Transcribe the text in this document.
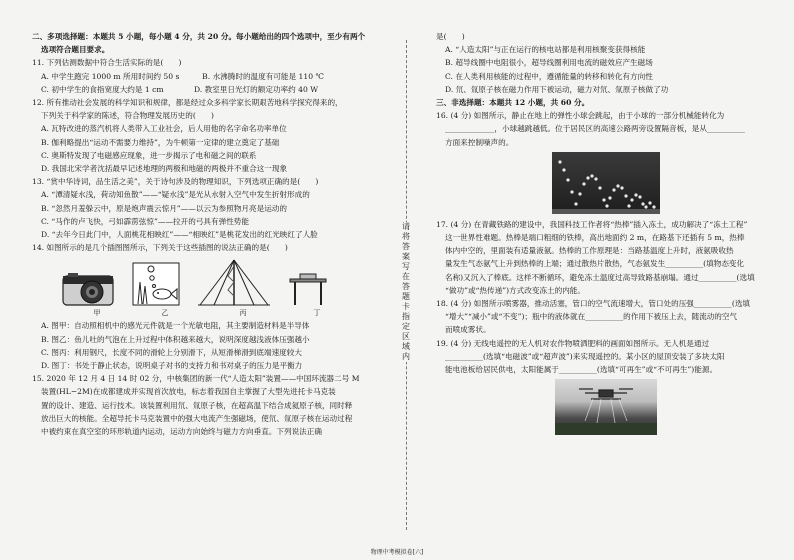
二、多项选择题：本题共 5 小题，每小题 4 分，共 20 分。每小题给出的四个选项中，至少有两个
选项符合题目要求。
11. 下列估测数据中符合生活实际的是(　　)
A. 中学生跑完 1000 m 所用时间约 50 s　　　B. 水沸腾时的温度有可能是 110 ℃
C. 初中学生的食指宽度大约是 1 cm　　　　D. 教室里日光灯的额定功率约 40 W
12. 所有推动社会发展的科学知识和规律，都是经过众多科学家长期艰苦地科学探究得来的，
下列关于科学家的陈述，符合物理发展历史的(　　)
A. 瓦特改进的蒸汽机将人类带入工业社会，后人用他的名字命名功率单位
B. 伽利略提出“运动不需要力维持”，为牛顿第一定律的建立奠定了基础
C. 奥斯特发现了电磁感应现象，进一步揭示了电和磁之间的联系
D. 我国北宋学者沈括最早记述地理的两极和地磁的两极并不重合这一现象
13. “赏中华诗词，品生活之美”，关于诗句涉及的物理知识，下列选项正确的是(　　)
A. “潭清疑水浅，荷动知鱼散”——“疑水浅”是光从水射入空气中发生折射形成的
B. “忽然月羞躲云中，原是炮声震云惊月”——以云为参照物月亮是运动的
C. “马作的卢飞快，弓如霹雳弦惊”——拉开的弓具有弹性势能
D. “去年今日此门中，人面桃花相映红”——“相映红”是桃花发出的红光映红了人脸
14. 如图所示的是几个插图图所示，下列关于这些插图的说法正确的是(　　)
甲	乙	丙	丁
A. 图甲：自动照相机中的感光元件就是一个光敏电阻，其主要制造材料是半导体
B. 图乙：鱼儿吐的气泡在上升过程中体积越来越大，说明深度越浅液体压强越小
C. 图丙：利用钢尺，长度不同的滑轮上分别滑下，从短滑梯滑到底端速度较大
D. 图丁：书处于静止状态，说明桌子对书的支持力和书对桌子的压力是平衡力
15. 2020 年 12 月 4 日 14 时 02 分，中核集团的新一代“人造太阳”装置——中国环流器二号 M
装置(HL−2M)在成都建成并实现首次放电，标志着我国自主掌握了大型先进托卡马克装
置的设计、建造、运行技术。该装置利用氘、氚原子核，在超高温下结合成氦原子核，同时释
放出巨大的核能。全超导托卡马克装置中的强大电流产生强磁场，使氘、氚原子核在运动过程
中被约束在真空室的环形轨道内运动，运动方向始终与磁力方向垂直。下列说法正确
请将答案写在答题卡指定区域内
是(　　)
A. “人造太阳”与正在运行的核电站都是利用核聚变获得核能
B. 超导线圈中电阻很小，超导线圈利用电流的磁效应产生磁场
C. 在人类利用核能的过程中，遵循能量的转移和转化有方向性
D. 氘、氚原子核在磁力作用下被运动，磁力对氘、氚原子核做了功
三、非选择题：本题共 12 小题，共 60 分。
16. (4 分) 如图所示，静止在地上的弹性小球会跳起，由于小球的一部分机械能转化为
_____________，小球越跳越低。位于居民区的高速公路两旁设置隔音板，是从__________
方面来控制噪声的。
17. (4 分) 在青藏铁路的建设中，我国科技工作者将“热棒”插入冻土，成功解决了“冻土工程”
这一世界性难题。热棒是端口粗细的铁棒，高出地面约 2 m，在路基下还插有 5 m，热棒
体内中空的，里面装有适量液氨。热棒的工作原理是：当路基温度上升时，液氨吸收热
量发生气态氨气上升到热棒的上端；通过散热片散热，气态氨发生__________(填物态变化
名称)又沉入了棒底。这样不断循环，避免冻土温度过高导致路基崩塌。通过__________(选填
“做功”或“热传递”)方式改变冻土的内能。
18. (4 分) 如图所示喷雾器，推动活塞，管口的空气流速增大，管口处的压强__________(选填
“增大”“减小”或“不变”)；瓶中的液体就在__________的作用下被压上去，随流动的空气
而喷成雾状。
19. (4 分) 无线电遥控的无人机对农作物喷洒肥料的画面如图所示。无人机是通过
__________(选填“电磁波”或“超声波”)来实现遥控的。某小区的屋顶安装了多块太阳
能电池板给居民供电，太阳能属于__________(选填“可再生”或“不可再生”)能源。
物理中考模拟卷[六]
